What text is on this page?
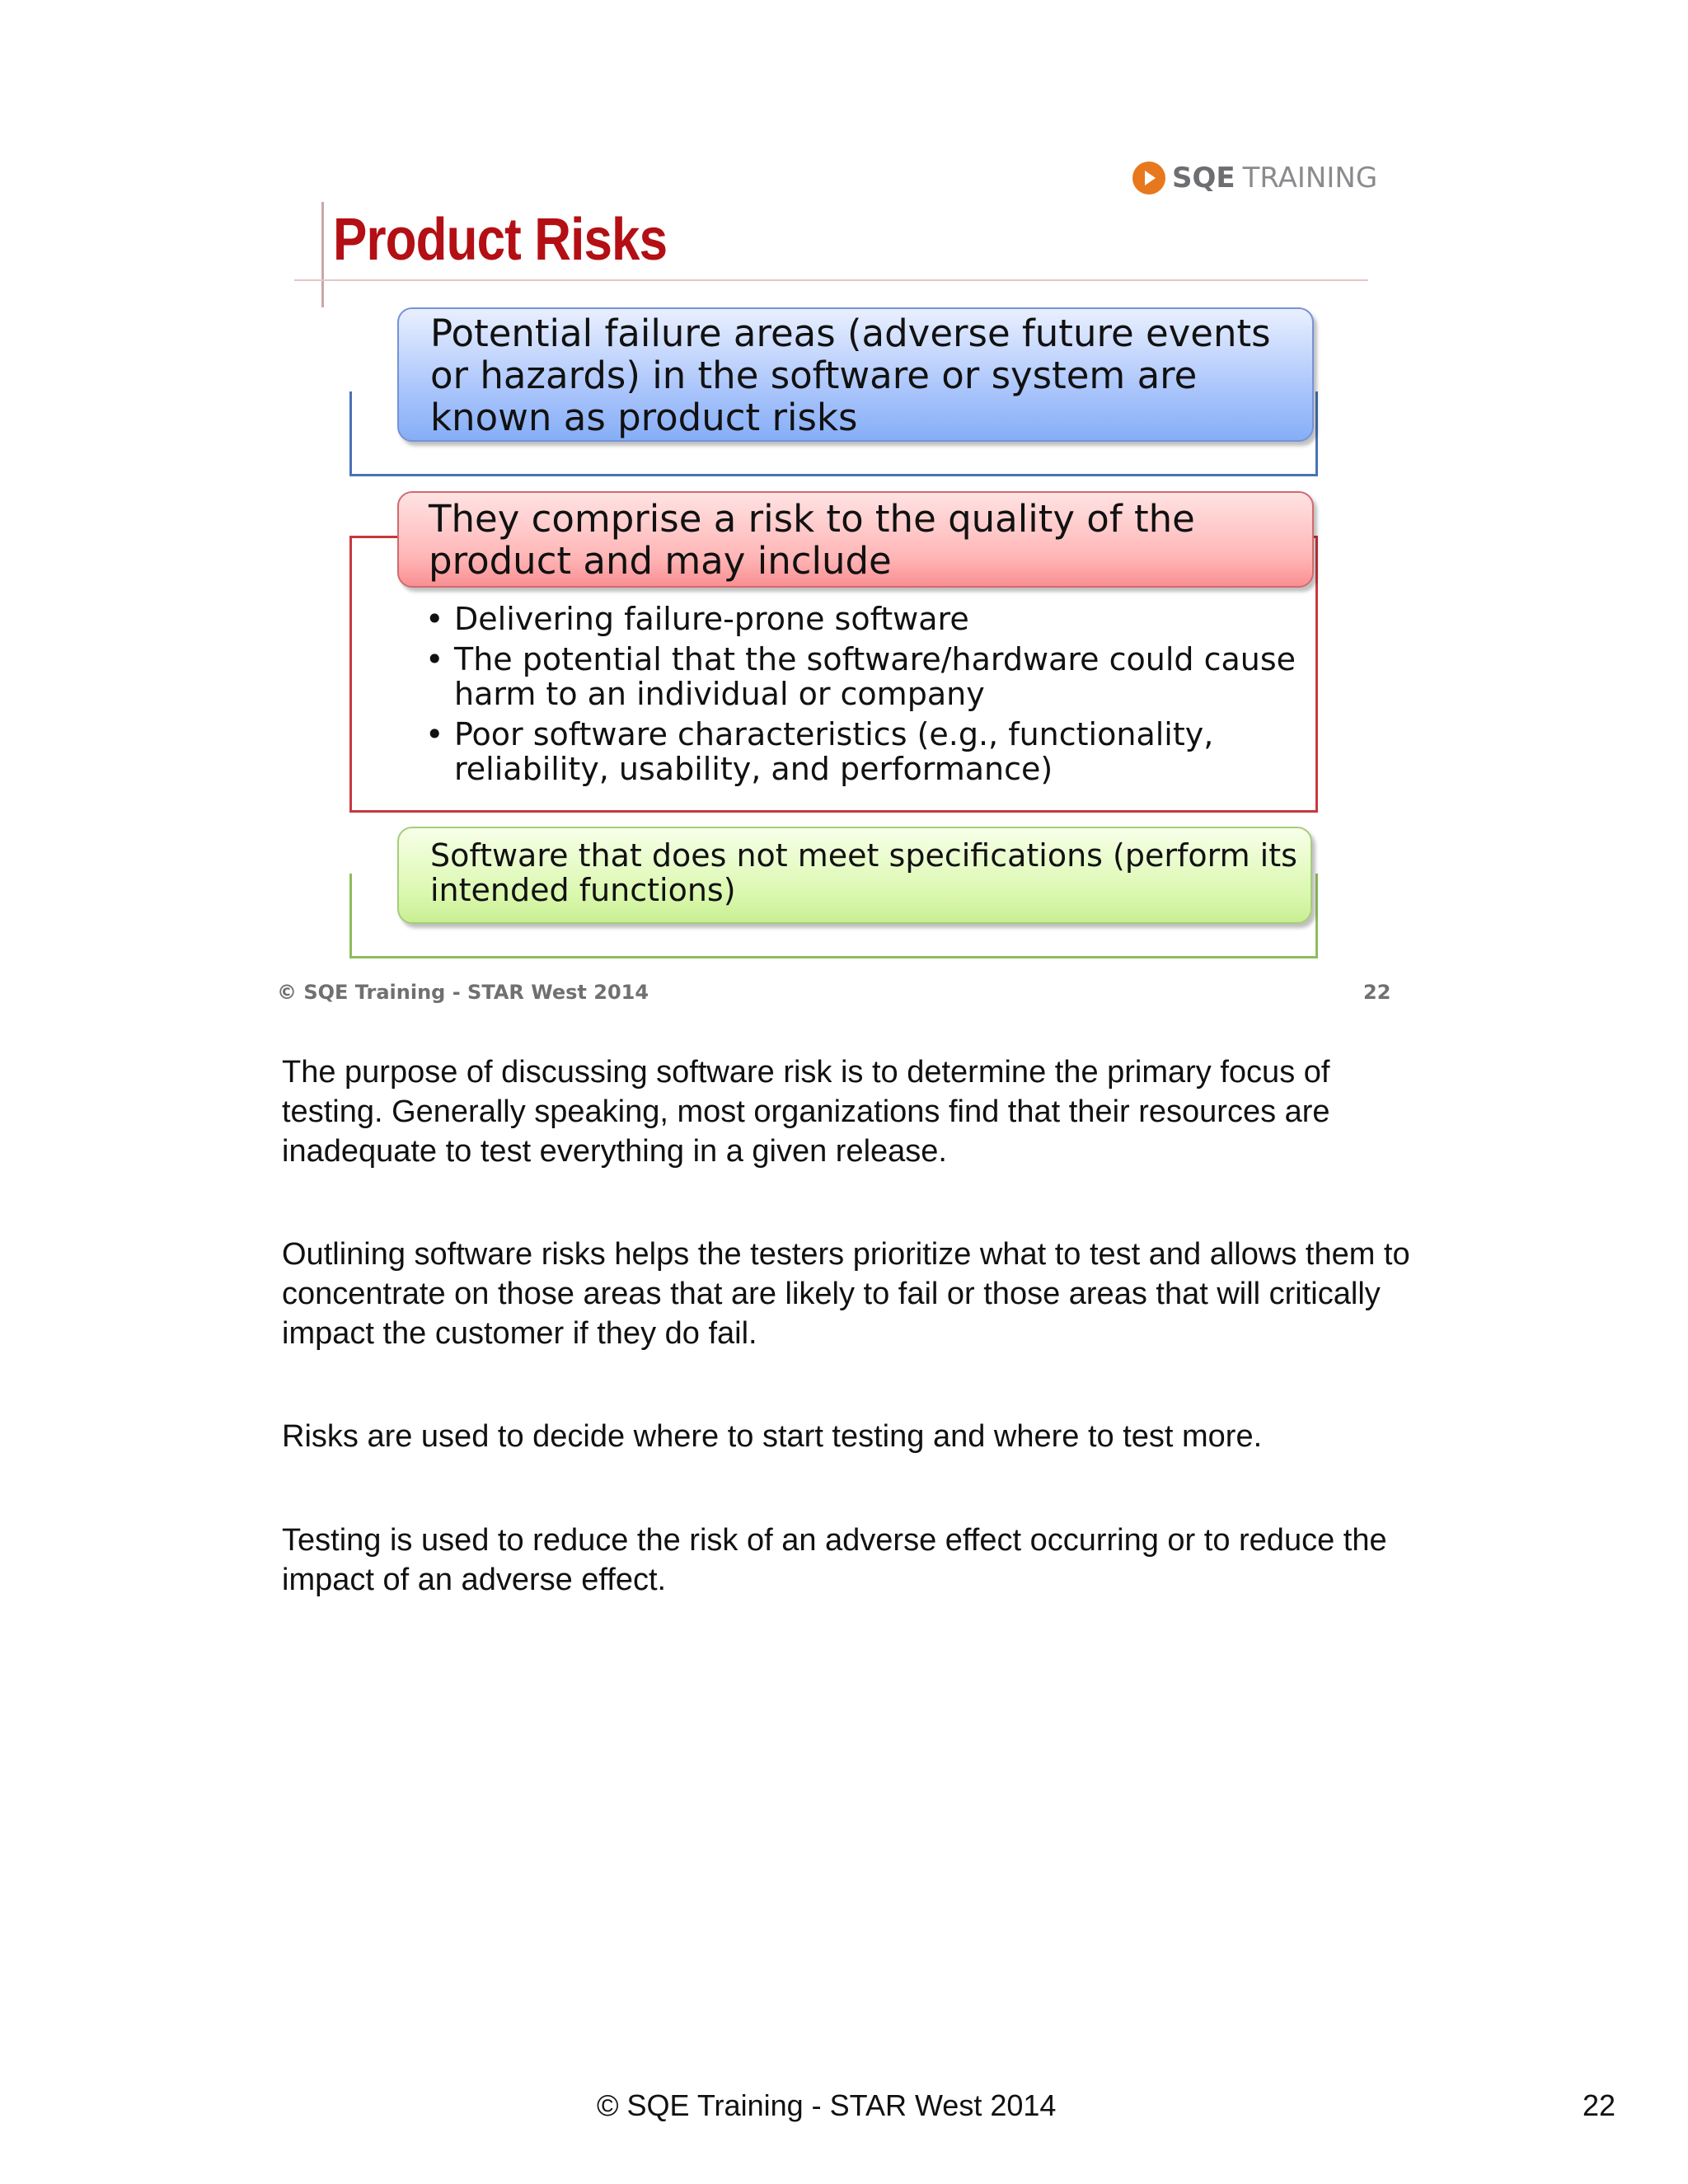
SQE TRAINING
Product Risks

Potential failure areas (adverse future events or hazards) in the software or system are known as product risks

They comprise a risk to the quality of the product and may include

• Delivering failure-prone software
• The potential that the software/hardware could cause harm to an individual or company
• Poor software characteristics (e.g., functionality, reliability, usability, and performance)

Software that does not meet specifications (perform its intended functions)

© SQE Training - STAR West 2014	22

The purpose of discussing software risk is to determine the primary focus of testing. Generally speaking, most organizations find that their resources are inadequate to test everything in a given release.

Outlining software risks helps the testers prioritize what to test and allows them to concentrate on those areas that are likely to fail or those areas that will critically impact the customer if they do fail.

Risks are used to decide where to start testing and where to test more.

Testing is used to reduce the risk of an adverse effect occurring or to reduce the impact of an adverse effect.

© SQE Training - STAR West 2014	22
